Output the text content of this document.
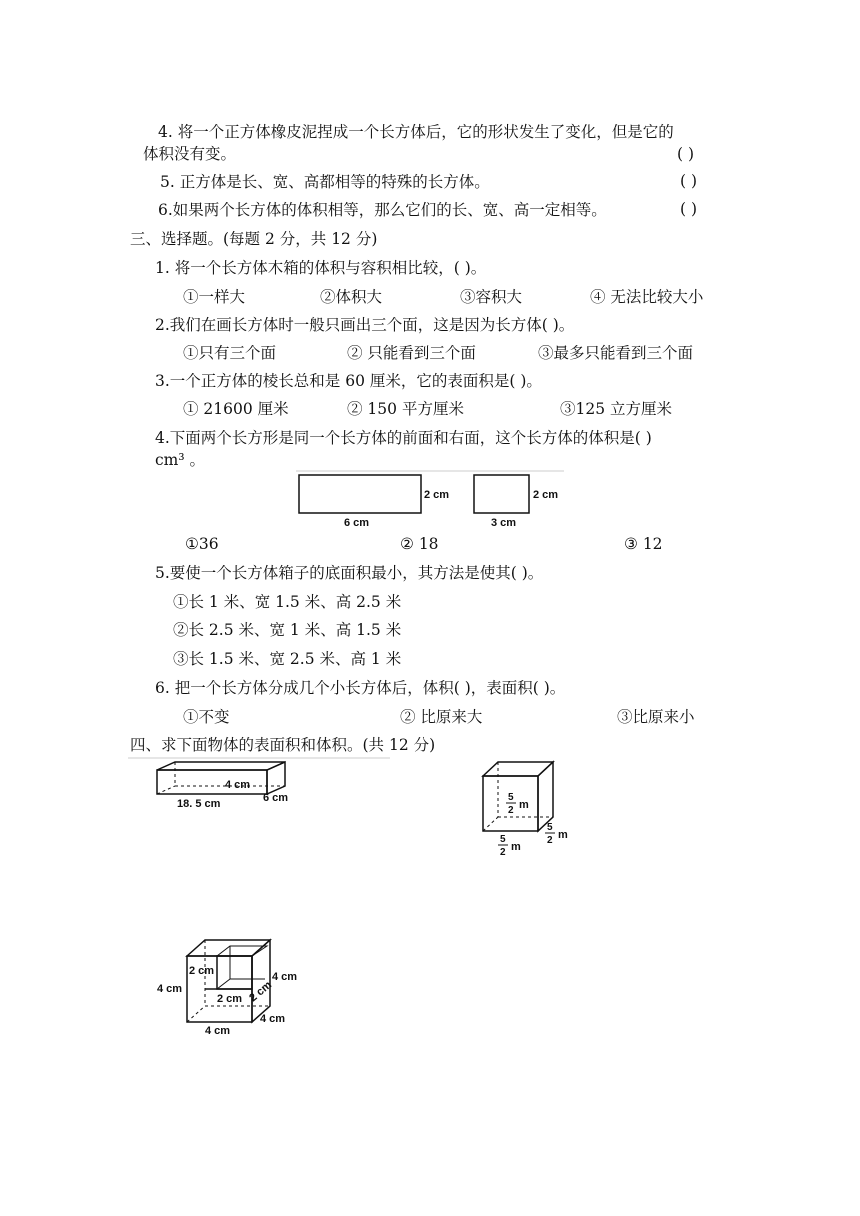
4. 将一个正方体橡皮泥捏成一个长方体后，它的形状发生了变化，但是它的
体积没有变。	( )
5. 正方体是长、宽、高都相等的特殊的长方体。	( )
6.如果两个长方体的体积相等，那么它们的长、宽、高一定相等。	( )
三、选择题。(每题 2 分，共 12 分)
1. 将一个长方体木箱的体积与容积相比较，( )。
①一样大	②体积大	③容积大	④ 无法比较大小
2.我们在画长方体时一般只画出三个面，这是因为长方体( )。
①只有三个面	② 只能看到三个面	③最多只能看到三个面
3.一个正方体的棱长总和是 60 厘米，它的表面积是( )。
① 21600 厘米	② 150 平方厘米	③125 立方厘米
4.下面两个长方形是同一个长方体的前面和右面，这个长方体的体积是( )
cm³ 。
2 cm
6 cm
2 cm
3 cm
①36	② 18	③ 12
5.要使一个长方体箱子的底面积最小，其方法是使其( )。
①长 1 米、宽 1.5 米、高 2.5 米
②长 2.5 米、宽 1 米、高 1.5 米
③长 1.5 米、宽 2.5 米、高 1 米
6. 把一个长方体分成几个小长方体后，体积( )，表面积( )。
①不变	② 比原来大	③比原来小
四、求下面物体的表面积和体积。(共 12 分)
4 cm
18. 5 cm	6 cm	5
2 m
5
2 m
5
2 m
4 cm
2 cm
2 cm 2 cm
4 cm
4 cm
4 cm
